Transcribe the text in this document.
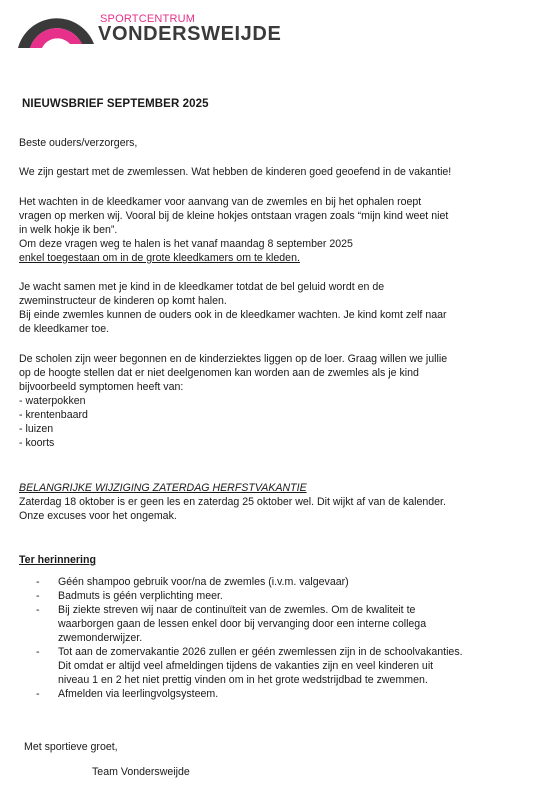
SPORTCENTRUM
VONDERSWEIJDE
NIEUWSBRIEF SEPTEMBER 2025
Beste ouders/verzorgers,
We zijn gestart met de zwemlessen. Wat hebben de kinderen goed geoefend in de vakantie!
Het wachten in de kleedkamer voor aanvang van de zwemles en bij het ophalen roept
vragen op merken wij. Vooral bij de kleine hokjes ontstaan vragen zoals “mijn kind weet niet
in welk hokje ik ben”.
Om deze vragen weg te halen is het vanaf maandag 8 september 2025
enkel toegestaan om in de grote kleedkamers om te kleden.
Je wacht samen met je kind in de kleedkamer totdat de bel geluid wordt en de
zweminstructeur de kinderen op komt halen.
Bij einde zwemles kunnen de ouders ook in de kleedkamer wachten. Je kind komt zelf naar
de kleedkamer toe.
De scholen zijn weer begonnen en de kinderziektes liggen op de loer. Graag willen we jullie
op de hoogte stellen dat er niet deelgenomen kan worden aan de zwemles als je kind
bijvoorbeeld symptomen heeft van:
- waterpokken
- krentenbaard
- luizen
- koorts
BELANGRIJKE WIJZIGING ZATERDAG HERFSTVAKANTIE
Zaterdag 18 oktober is er geen les en zaterdag 25 oktober wel. Dit wijkt af van de kalender.
Onze excuses voor het ongemak.
Ter herinnering
-	Géén shampoo gebruik voor/na de zwemles (i.v.m. valgevaar)
-	Badmuts is géén verplichting meer.
-	Bij ziekte streven wij naar de continuïteit van de zwemles. Om de kwaliteit te
waarborgen gaan de lessen enkel door bij vervanging door een interne collega
zwemonderwijzer.
-	Tot aan de zomervakantie 2026 zullen er géén zwemlessen zijn in de schoolvakanties.
Dit omdat er altijd veel afmeldingen tijdens de vakanties zijn en veel kinderen uit
niveau 1 en 2 het niet prettig vinden om in het grote wedstrijdbad te zwemmen.
-	Afmelden via leerlingvolgsysteem.
Met sportieve groet,
Team Vondersweijde
